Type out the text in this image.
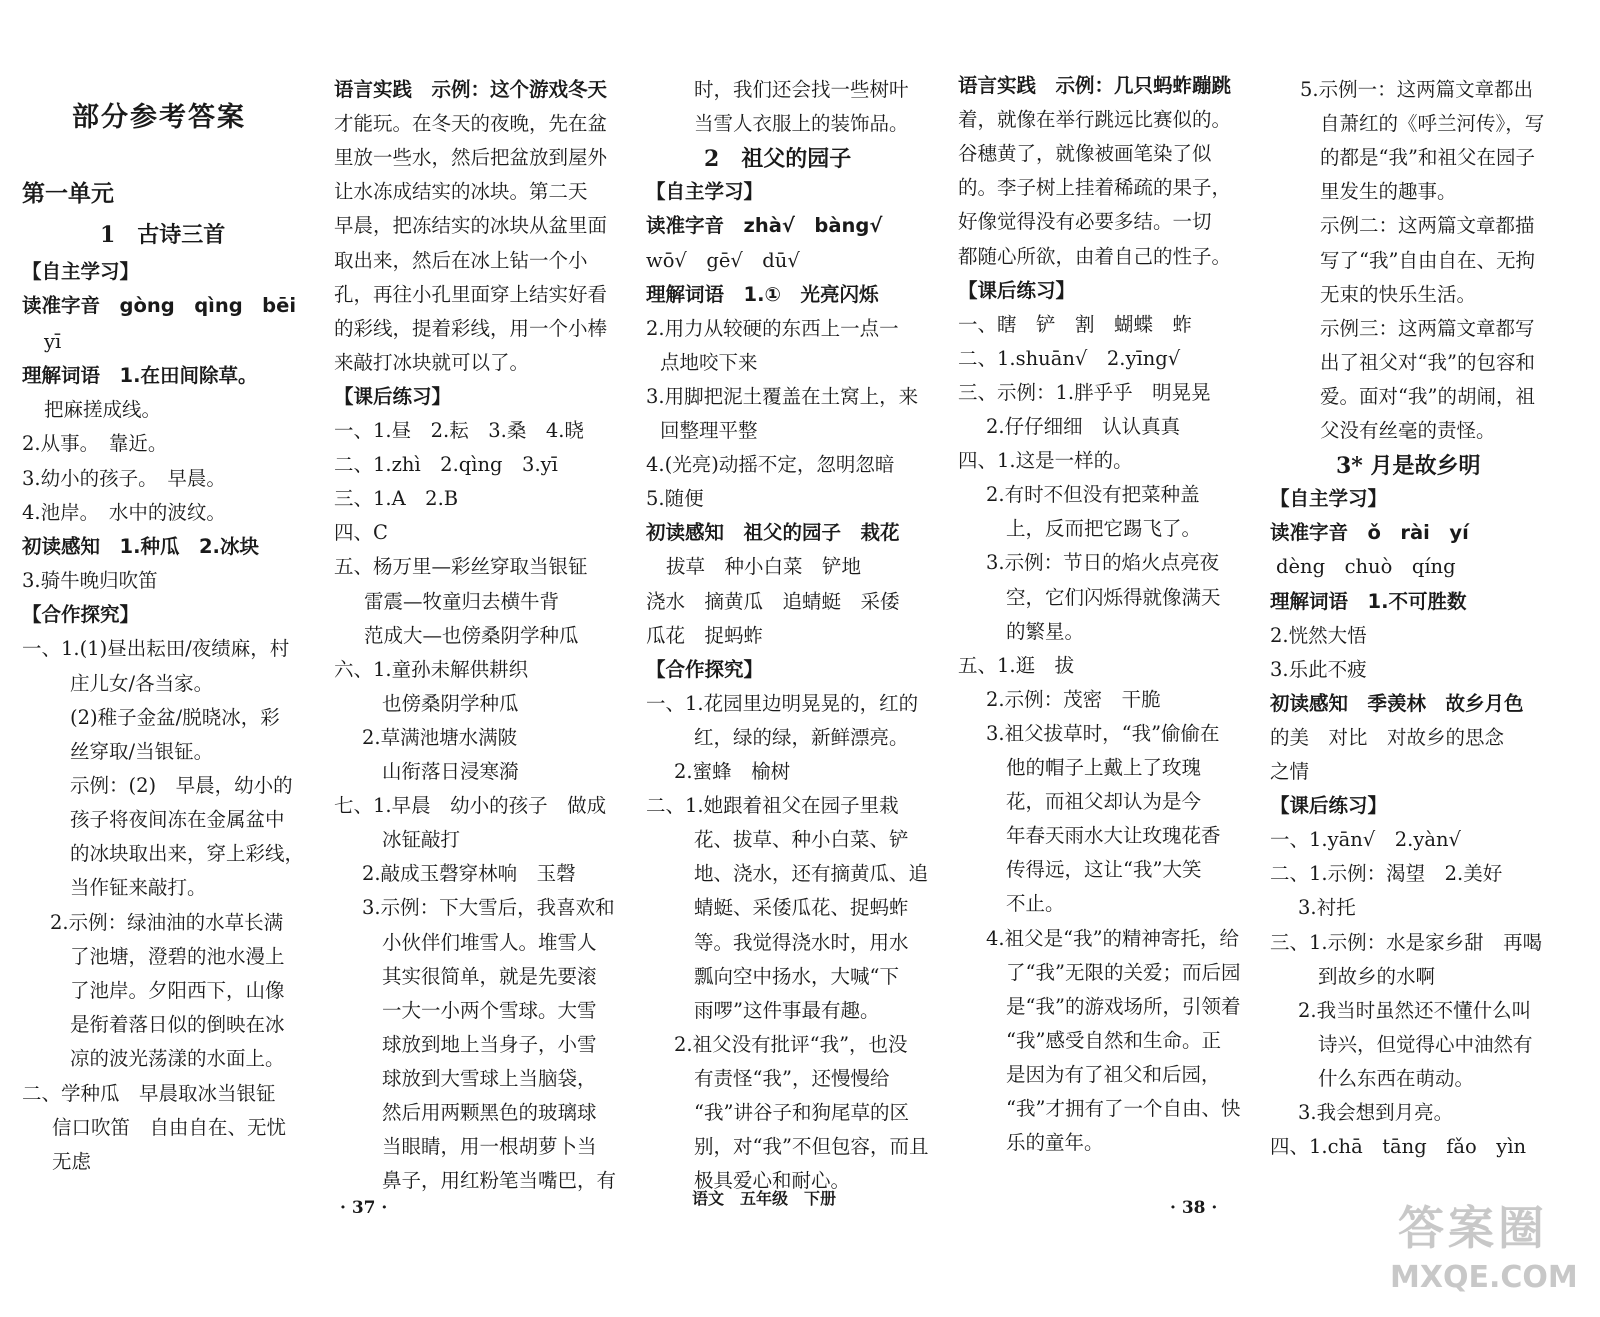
部分参考答案
第一单元
1　古诗三首
【自主学习】
读准字音　gòng　qìng　bēi
yī
理解词语　1.在田间除草。
把麻搓成线。
2.从事。　靠近。
3.幼小的孩子。　早晨。
4.池岸。　水中的波纹。
初读感知　1.种瓜　2.冰块
3.骑牛晚归吹笛
【合作探究】
一、1.(1)昼出耘田/夜绩麻，村
庄儿女/各当家。
(2)稚子金盆/脱晓冰，彩
丝穿取/当银钲。
示例：(2)　早晨，幼小的
孩子将夜间冻在金属盆中
的冰块取出来，穿上彩线，
当作钲来敲打。
2.示例：绿油油的水草长满
了池塘，澄碧的池水漫上
了池岸。夕阳西下，山像
是衔着落日似的倒映在冰
凉的波光荡漾的水面上。
二、学种瓜　早晨取冰当银钲
信口吹笛　自由自在、无忧
无虑
语言实践　示例：这个游戏冬天
才能玩。在冬天的夜晚，先在盆
里放一些水，然后把盆放到屋外
让水冻成结实的冰块。第二天
早晨，把冻结实的冰块从盆里面
取出来，然后在冰上钻一个小
孔，再往小孔里面穿上结实好看
的彩线，提着彩线，用一个小棒
来敲打冰块就可以了。
【课后练习】
一、1.昼　2.耘　3.桑　4.晓
二、1.zhì　2.qìng　3.yī
三、1.A　2.B
四、C
五、杨万里—彩丝穿取当银钲
雷震—牧童归去横牛背
范成大—也傍桑阴学种瓜
六、1.童孙未解供耕织
也傍桑阴学种瓜
2.草满池塘水满陂
山衔落日浸寒漪
七、1.早晨　幼小的孩子　做成
冰钲敲打
2.敲成玉磬穿林响　玉磬
3.示例：下大雪后，我喜欢和
小伙伴们堆雪人。堆雪人
其实很简单，就是先要滚
一大一小两个雪球。大雪
球放到地上当身子，小雪
球放到大雪球上当脑袋，
然后用两颗黑色的玻璃球
当眼睛，用一根胡萝卜当
鼻子，用红粉笔当嘴巴，有
时，我们还会找一些树叶
当雪人衣服上的装饰品。
2　祖父的园子
【自主学习】
读准字音　zhà√　bàng√
wō√　gē√　dū√
理解词语　1.①　光亮闪烁
2.用力从较硬的东西上一点一
点地咬下来
3.用脚把泥土覆盖在土窝上，来
回整理平整
4.(光亮)动摇不定，忽明忽暗
5.随便
初读感知　祖父的园子　栽花
拔草　种小白菜　铲地
浇水　摘黄瓜　追蜻蜓　采倭
瓜花　捉蚂蚱
【合作探究】
一、1.花园里边明晃晃的，红的
红，绿的绿，新鲜漂亮。
2.蜜蜂　榆树
二、1.她跟着祖父在园子里栽
花、拔草、种小白菜、铲
地、浇水，还有摘黄瓜、追
蜻蜓、采倭瓜花、捉蚂蚱
等。我觉得浇水时，用水
瓢向空中扬水，大喊“下
雨啰”这件事最有趣。
2.祖父没有批评“我”，也没
有责怪“我”，还慢慢给
“我”讲谷子和狗尾草的区
别，对“我”不但包容，而且
极具爱心和耐心。
语言实践　示例：几只蚂蚱蹦跳
着，就像在举行跳远比赛似的。
谷穗黄了，就像被画笔染了似
的。李子树上挂着稀疏的果子，
好像觉得没有必要多结。一切
都随心所欲，由着自己的性子。
【课后练习】
一、瞎　铲　割　蝴蝶　蚱
二、1.shuān√　2.yīng√
三、示例：1.胖乎乎　明晃晃
2.仔仔细细　认认真真
四、1.这是一样的。
2.有时不但没有把菜种盖
上，反而把它踢飞了。
3.示例：节日的焰火点亮夜
空，它们闪烁得就像满天
的繁星。
五、1.逛　拔
2.示例：茂密　干脆
3.祖父拔草时，“我”偷偷在
他的帽子上戴上了玫瑰
花，而祖父却认为是今
年春天雨水大让玫瑰花香
传得远，这让“我”大笑
不止。
4.祖父是“我”的精神寄托，给
了“我”无限的关爱；而后园
是“我”的游戏场所，引领着
“我”感受自然和生命。正
是因为有了祖父和后园，
“我”才拥有了一个自由、快
乐的童年。
5.示例一：这两篇文章都出
自萧红的《呼兰河传》，写
的都是“我”和祖父在园子
里发生的趣事。
示例二：这两篇文章都描
写了“我”自由自在、无拘
无束的快乐生活。
示例三：这两篇文章都写
出了祖父对“我”的包容和
爱。面对“我”的胡闹，祖
父没有丝毫的责怪。
3* 月是故乡明
【自主学习】
读准字音　ǒ　rài　yí
dèng　chuò　qíng
理解词语　1.不可胜数
2.恍然大悟
3.乐此不疲
初读感知　季羡林　故乡月色
的美　对比　对故乡的思念
之情
【课后练习】
一、1.yān√　2.yàn√
二、1.示例：渴望　2.美好
3.衬托
三、1.示例：水是家乡甜　再喝
到故乡的水啊
2.我当时虽然还不懂什么叫
诗兴，但觉得心中油然有
什么东西在萌动。
3.我会想到月亮。
四、1.chā　tāng　fǎo　yìn
· 37 ·	语文　五年级　下册	· 38 ·	答案圈
MXQE.COM
